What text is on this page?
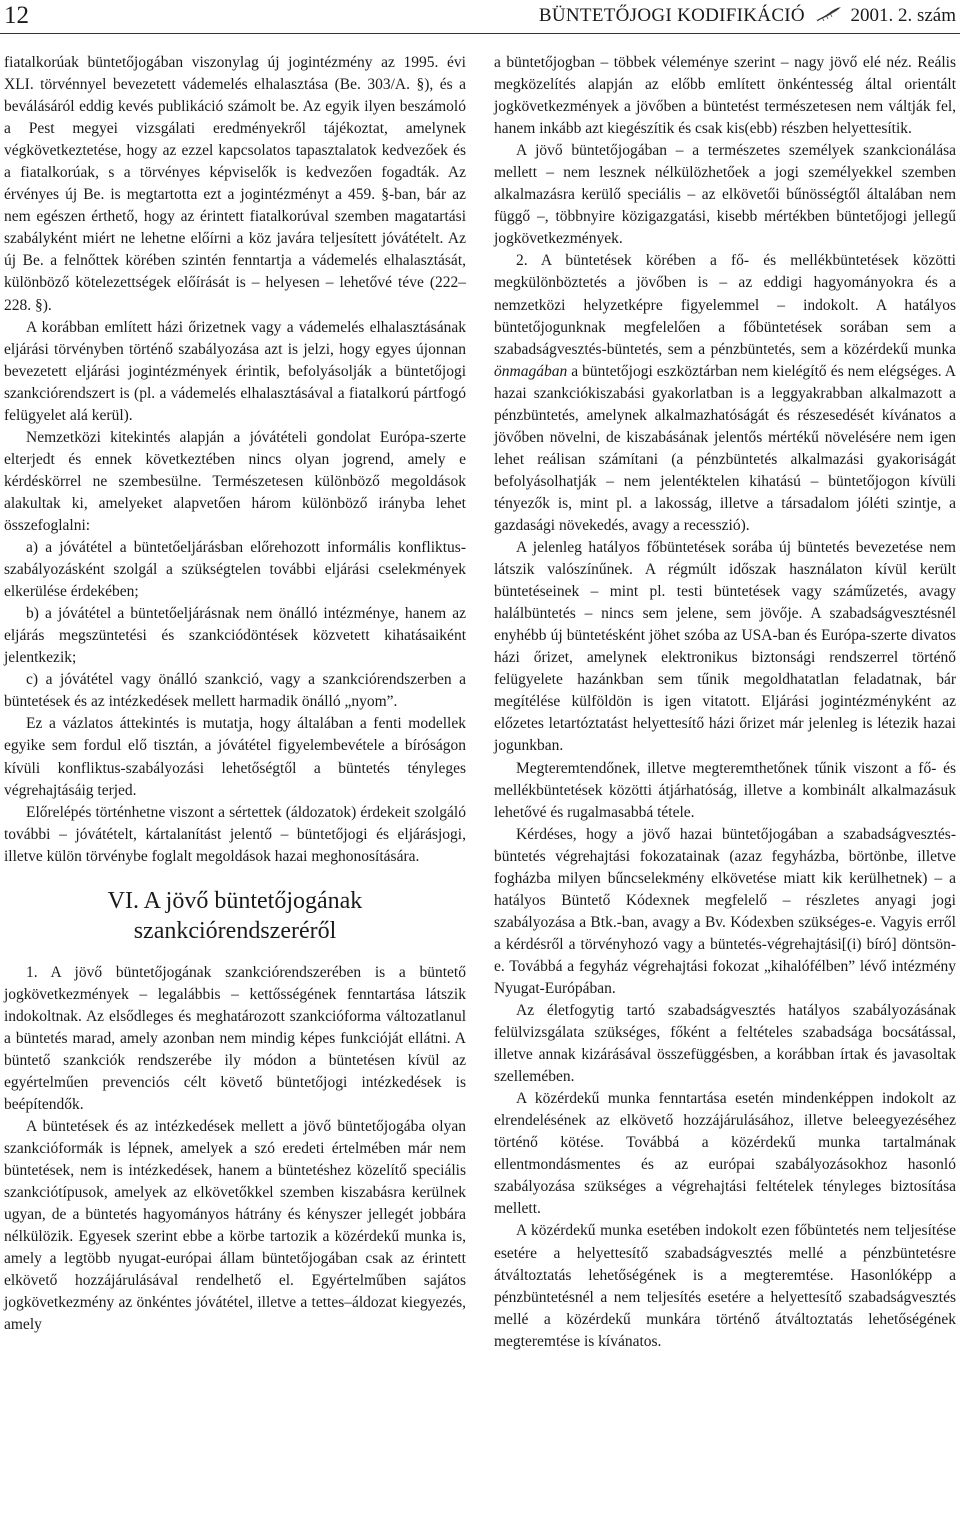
12	BÜNTETŐJOGI KODIFIKÁCIÓ 2001. 2. szám

fiatalkorúak büntetőjogában viszonylag új jogintézmény az 1995. évi XLI. törvénnyel bevezetett vádemelés elhalasztása (Be. 303/A. §), és a beválásáról eddig kevés publikáció számolt be. Az egyik ilyen beszámoló a Pest megyei vizsgálati eredményekről tájékoztat, amelynek végkövetkeztetése, hogy az ezzel kapcsolatos tapasztalatok kedvezőek és a fiatalkorúak, s a törvényes képviselők is kedvezően fogadták. Az érvényes új Be. is megtartotta ezt a jogintézményt a 459. §-ban, bár az nem egészen érthető, hogy az érintett fiatalkorúval szemben magatartási szabályként miért ne lehetne előírni a köz javára teljesített jóvátételt. Az új Be. a felnőttek körében szintén fenntartja a vádemelés elhalasztását, különböző kötelezettségek előírását is – helyesen – lehetővé téve (222–228. §).

A korábban említett házi őrizetnek vagy a vádemelés elhalasztásának eljárási törvényben történő szabályozása azt is jelzi, hogy egyes újonnan bevezetett eljárási jogintézmények érintik, befolyásolják a büntetőjogi szankciórendszert is (pl. a vádemelés elhalasztásával a fiatalkorú pártfogó felügyelet alá kerül).

Nemzetközi kitekintés alapján a jóvátételi gondolat Európa-szerte elterjedt és ennek következtében nincs olyan jogrend, amely e kérdéskörrel ne szembesülne. Természetesen különböző megoldások alakultak ki, amelyeket alapvetően három különböző irányba lehet összefoglalni:

a) a jóvátétel a büntetőeljárásban előrehozott informális konfliktus-szabályozásként szolgál a szükségtelen további eljárási cselekmények elkerülése érdekében;

b) a jóvátétel a büntetőeljárásnak nem önálló intézménye, hanem az eljárás megszüntetési és szankciódöntések közvetett kihatásaiként jelentkezik;

c) a jóvátétel vagy önálló szankció, vagy a szankciórendszerben a büntetések és az intézkedések mellett harmadik önálló „nyom”.

Ez a vázlatos áttekintés is mutatja, hogy általában a fenti modellek egyike sem fordul elő tisztán, a jóvátétel figyelembevétele a bíróságon kívüli konfliktus-szabályozási lehetőségtől a büntetés tényleges végrehajtásáig terjed.

Előrelépés történhetne viszont a sértettek (áldozatok) érdekeit szolgáló további – jóvátételt, kártalanítást jelentő – büntetőjogi és eljárásjogi, illetve külön törvénybe foglalt megoldások hazai meghonosítására.

VI. A jövő büntetőjogának
szankciórendszeréről

1. A jövő büntetőjogának szankciórendszerében is a büntető jogkövetkezmények – legalábbis – kettősségének fenntartása látszik indokoltnak. Az elsődleges és meghatározott szankcióforma változatlanul a büntetés marad, amely azonban nem mindig képes funkcióját ellátni. A büntető szankciók rendszerébe ily módon a büntetésen kívül az egyértelműen prevenciós célt követő büntetőjogi intézkedések is beépítendők.

A büntetések és az intézkedések mellett a jövő büntetőjogába olyan szankcióformák is lépnek, amelyek a szó eredeti értelmében már nem büntetések, nem is intézkedések, hanem a büntetéshez közelítő speciális szankciótípusok, amelyek az elkövetőkkel szemben kiszabásra kerülnek ugyan, de a büntetés hagyományos hátrány és kényszer jellegét jobbára nélkülözik. Egyesek szerint ebbe a körbe tartozik a közérdekű munka is, amely a legtöbb nyugat-európai állam büntetőjogában csak az érintett elkövető hozzájárulásával rendelhető el. Egyértelműben sajátos jogkövetkezmény az önkéntes jóvátétel, illetve a tettes–áldozat kiegyezés, amely

a büntetőjogban – többek véleménye szerint – nagy jövő elé néz. Reális megközelítés alapján az előbb említett önkéntesség által orientált jogkövetkezmények a jövőben a büntetést természetesen nem váltják fel, hanem inkább azt kiegészítik és csak kis(ebb) részben helyettesítik.

A jövő büntetőjogában – a természetes személyek szankcionálása mellett – nem lesznek nélkülözhetőek a jogi személyekkel szemben alkalmazásra kerülő speciális – az elkövetői bűnösségtől általában nem függő –, többnyire közigazgatási, kisebb mértékben büntetőjogi jellegű jogkövetkezmények.

2. A büntetések körében a fő- és mellékbüntetések közötti megkülönböztetés a jövőben is – az eddigi hagyományokra és a nemzetközi helyzetképre figyelemmel – indokolt. A hatályos büntetőjogunknak megfelelően a főbüntetések sorában sem a szabadságvesztés-büntetés, sem a pénzbüntetés, sem a közérdekű munka önmagában a büntetőjogi eszköztárban nem kielégítő és nem elégséges. A hazai szankciókiszabási gyakorlatban is a leggyakrabban alkalmazott a pénzbüntetés, amelynek alkalmazhatóságát és részesedését kívánatos a jövőben növelni, de kiszabásának jelentős mértékű növelésére nem igen lehet reálisan számítani (a pénzbüntetés alkalmazási gyakoriságát befolyásolhatják – nem jelentéktelen kihatású – büntetőjogon kívüli tényezők is, mint pl. a lakosság, illetve a társadalom jóléti szintje, a gazdasági növekedés, avagy a recesszió).

A jelenleg hatályos főbüntetések sorába új büntetés bevezetése nem látszik valószínűnek. A régmúlt időszak használaton kívül került büntetéseinek – mint pl. testi büntetések vagy száműzetés, avagy halálbüntetés – nincs sem jelene, sem jövője. A szabadságvesztésnél enyhébb új büntetésként jöhet szóba az USA-ban és Európa-szerte divatos házi őrizet, amelynek elektronikus biztonsági rendszerrel történő felügyelete hazánkban sem tűnik megoldhatatlan feladatnak, bár megítélése külföldön is igen vitatott. Eljárási jogintézményként az előzetes letartóztatást helyettesítő házi őrizet már jelenleg is létezik hazai jogunkban.

Megteremtendőnek, illetve megteremthetőnek tűnik viszont a fő- és mellékbüntetések közötti átjárhatóság, illetve a kombinált alkalmazásuk lehetővé és rugalmasabbá tétele.

Kérdéses, hogy a jövő hazai büntetőjogában a szabadságvesztés-büntetés végrehajtási fokozatainak (azaz fegyházba, börtönbe, illetve fogházba milyen bűncselekmény elkövetése miatt kik kerülhetnek) – a hatályos Büntető Kódexnek megfelelő – részletes anyagi jogi szabályozása a Btk.-ban, avagy a Bv. Kódexben szükséges-e. Vagyis erről a kérdésről a törvényhozó vagy a büntetés-végrehajtási[(i) bíró] döntsön-e. Továbbá a fegyház végrehajtási fokozat „kihalófélben” lévő intézmény Nyugat-Európában.

Az életfogytig tartó szabadságvesztés hatályos szabályozásának felülvizsgálata szükséges, főként a feltételes szabadsága bocsátással, illetve annak kizárásával összefüggésben, a korábban írtak és javasoltak szellemében.

A közérdekű munka fenntartása esetén mindenképpen indokolt az elrendelésének az elkövető hozzájárulásához, illetve beleegyezéséhez történő kötése. Továbbá a közérdekű munka tartalmának ellentmondásmentes és az európai szabályozásokhoz hasonló szabályozása szükséges a végrehajtási feltételek tényleges biztosítása mellett.

A közérdekű munka esetében indokolt ezen főbüntetés nem teljesítése esetére a helyettesítő szabadságvesztés mellé a pénzbüntetésre átváltoztatás lehetőségének is a megteremtése. Hasonlóképp a pénzbüntetésnél a nem teljesítés esetére a helyettesítő szabadságvesztés mellé a közérdekű munkára történő átváltoztatás lehetőségének megteremtése is kívánatos.
